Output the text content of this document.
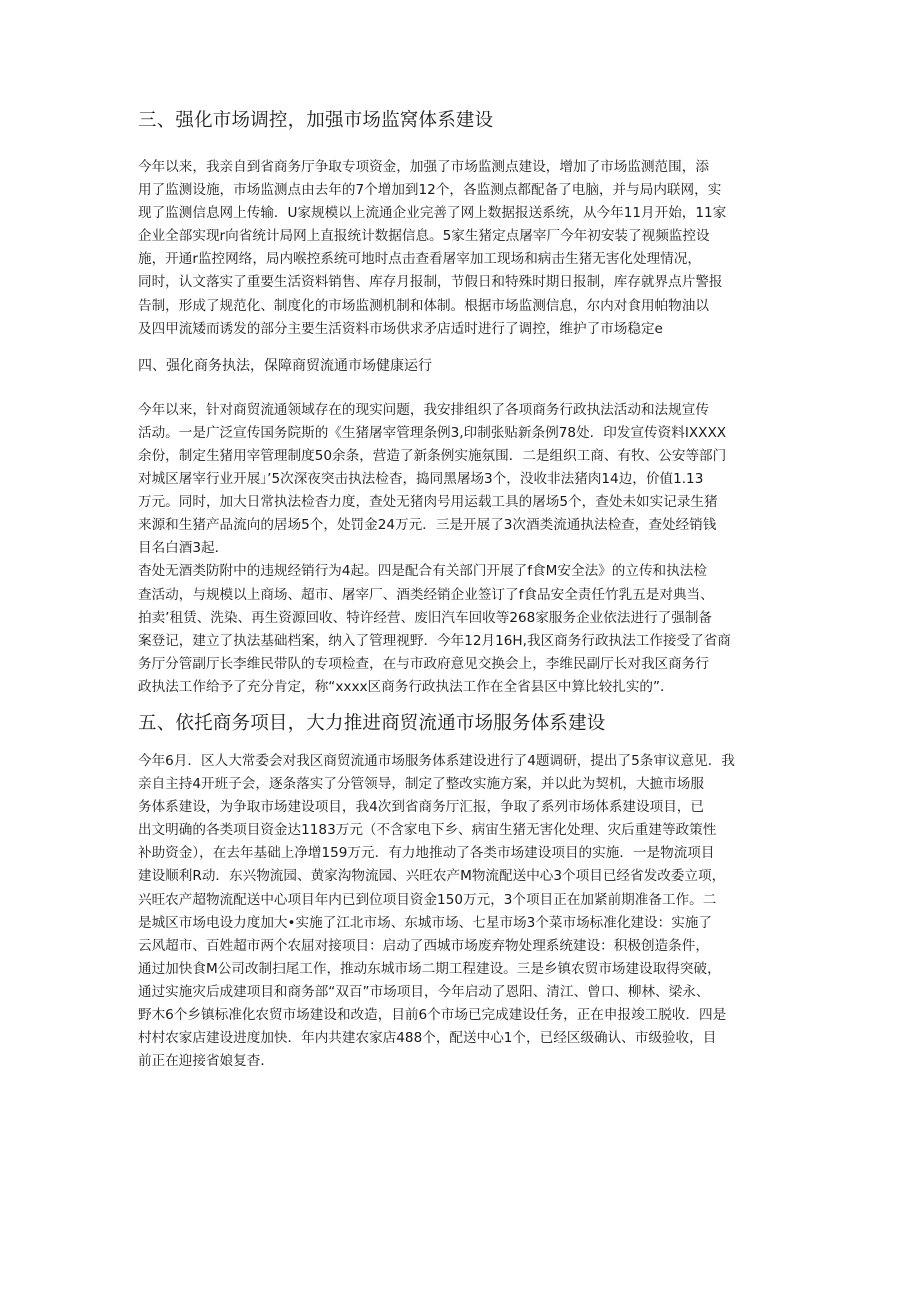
三、强化市场调控，加强市场监窝体系建设

今年以来，我亲自到省商务厅争取专项资金，加强了市场监测点建设，增加了市场监测范围，添
用了监测设施，市场监测点由去年的7个增加到12个，各监测点都配备了电脑，并与局内联网，实
现了监测信息网上传输．U家规模以上流通企业完善了网上数据报送系统，从今年11月开始，11家
企业全部实现r向省统计局网上直报统计数据信息。5家生猪定点屠宰厂今年初安装了视频监控设
施，开通r监控网络，局内喉控系统可地时点击查看屠宰加工现场和病击生猪无害化处理情况，
同时，认文落实了重要生活资料销售、库存月报制，节假日和特殊时期日报制，库存就界点片警报
告制，形成了规范化、制度化的市场监测机制和体制。根据市场监测信息，尔内对食用帕物油以
及四甲流矮而诱发的部分主要生活资料市场供求矛店适时进行了调控，维护了市场稳定e

四、强化商务执法，保障商贸流通市场健康运行

今年以来，针对商贸流通领域存在的现实问题，我安排组织了各项商务行政执法活动和法规宣传
活动。一是广泛宣传国务院斯的《生猪屠宰管理条例3,印制张贴新条例78处．印发宣传资料IXXXX
余份，制定生猪用宰管理制度50余条，营造了新条例实施氛围．二是组织工商、有牧、公安等部门
对城区屠宰行业开展」’5次深夜突击执法检杳，捣同黑屠场3个，没收非法猪肉14边，价值1.13
万元。同时，加大日常执法检杳力度，查处无猪肉号用运载工具的屠场5个，查处未如实记录生猪
来源和生猪产品流向的居场5个，处罚金24万元．三是开展了3次酒类流通执法检查，查处经销钱
目名白酒3起．

杳处无酒类防附中的违规经销行为4起。四是配合有关部门开展了f食M安全法》的立传和执法检
查活动，与规模以上商场、超市、屠宰厂、酒类经销企业签订了f食品安全责任竹乳五是对典当、
拍卖’租赁、洗染、再生资源回收、特许经营、废旧汽车回收等268家服务企业依法进行了强制备
案登记，建立了执法基础档案，纳入了管理视野．今年12月16H,我区商务行政执法工作接受了省商
务厅分管副厅长李维民带队的专项检查，在与市政府意见交换会上，李维民副厅长对我区商务行
政执法工作给予了充分肯定，称“xxxx区商务行政执法工作在全省县区中算比较扎实的”．

五、依托商务项目，大力推进商贸流通市场服务体系建设

今年6月．区人大常委会对我区商贸流通市场服务体系建设进行了4题调研，提出了5条审议意见．我
亲自主持4开班子会，逐条落实了分管领导，制定了整改实施方案，并以此为契机，大摭市场服
务体系建设，为争取市场建设项目，我4次到省商务厅汇报，争取了系列市场体系建设项目，已
出文明确的各类项目资金达1183万元（不含家电下乡、病宙生猪无害化处理、灾后重建等政策性
补助资金），在去年基础上净增159万元．有力地推动了各类市场建设项目的实施．一是物流项目
建设顺利R动．东兴物流园、黄家沟物流园、兴旺农产M物流配送中心3个项目已经省发改委立项，
兴旺农产超物流配送中心项目年内已到位项目资金150万元，3个项目正在加紧前期准备工作。二
是城区市场电设力度加大•实施了江北市场、东城市场、七星市场3个菜市场标准化建设：实施了
云风超市、百姓超市两个农屈对接项目：启动了西城市场废弃物处理系统建设：积极创造条件，
通过加快食M公司改制扫尾工作，推动东城市场二期工程建设。三是乡镇农贸市场建设取得突破，
通过实施灾后成建项目和商务部“双百”市场项目，今年启动了恩阳、清江、曾口、柳林、梁永、
野木6个乡镇标准化农贸市场建设和改造，目前6个市场已完成建设任务，正在申报竣工脱收．四是
村村农家店建设进度加快．年内共建农家店488个，配送中心1个，已经区级确认、市级验收，目
前正在迎接省娘复杳．
